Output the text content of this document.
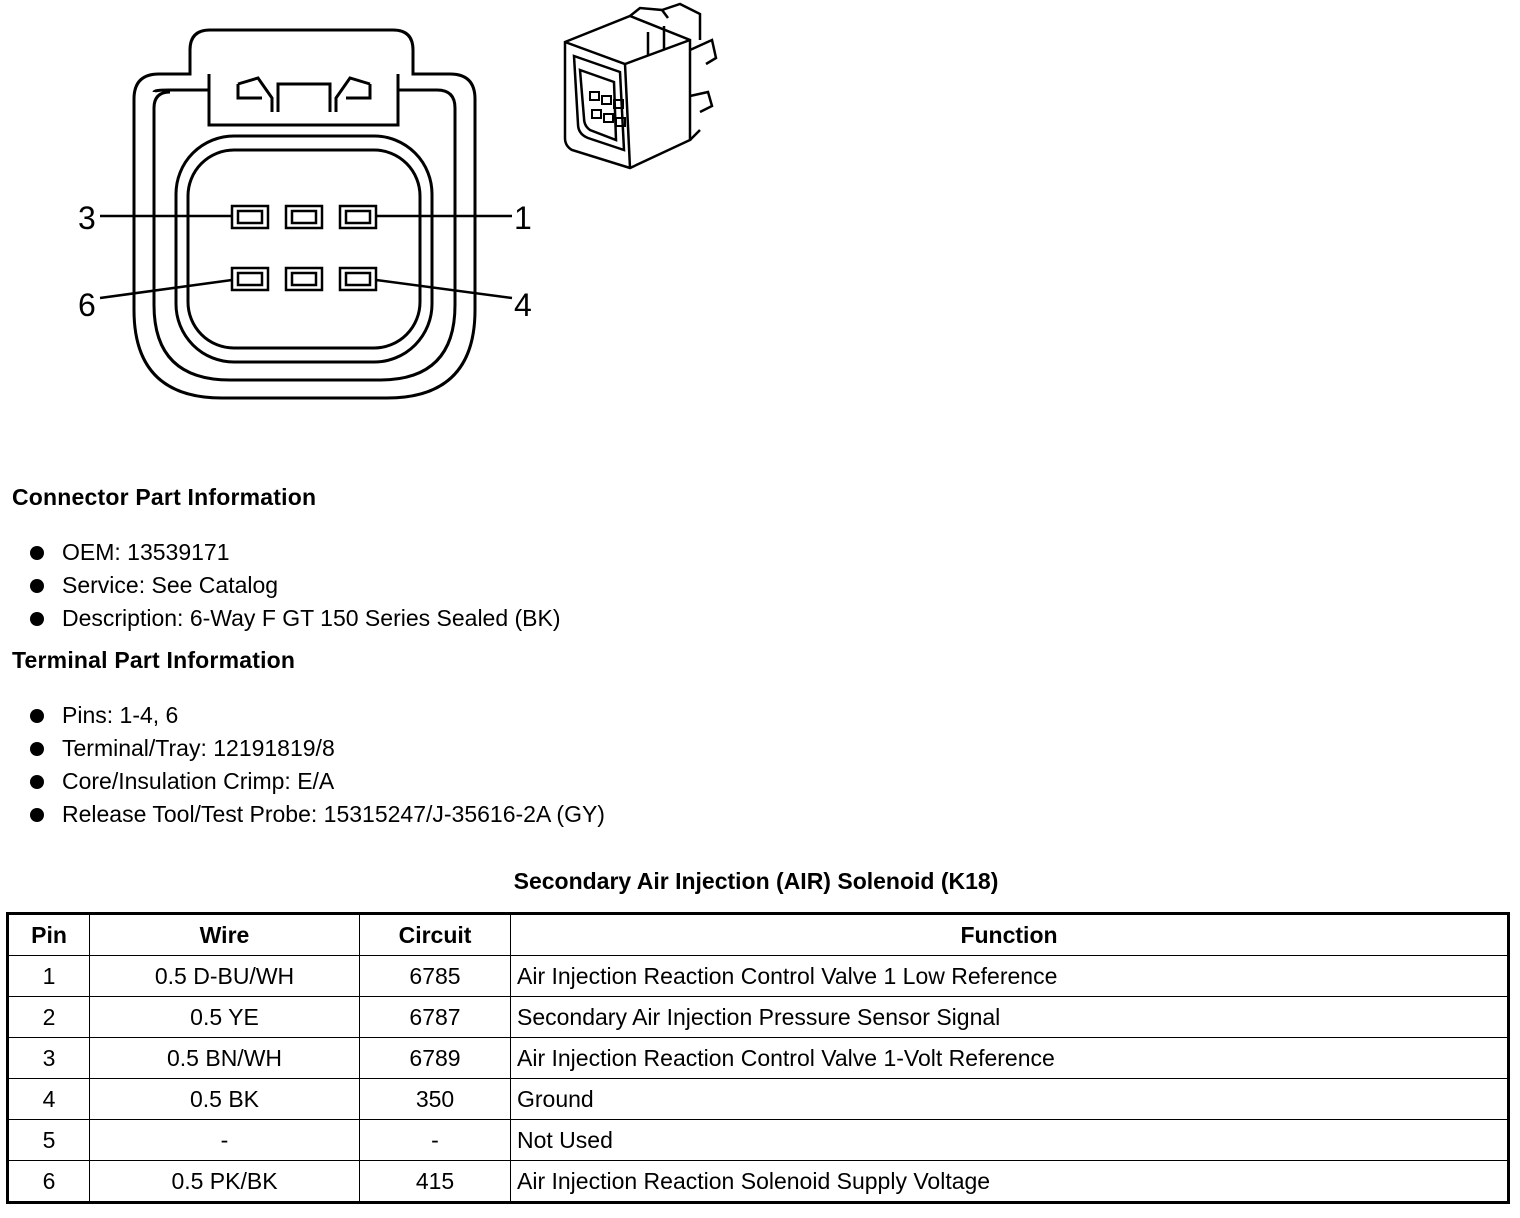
3	1
6	4
Connector Part Information
OEM: 13539171
Service: See Catalog
Description: 6-Way F GT 150 Series Sealed (BK)
Terminal Part Information
Pins: 1-4, 6
Terminal/Tray: 12191819/8
Core/Insulation Crimp: E/A
Release Tool/Test Probe: 15315247/J-35616-2A (GY)
Secondary Air Injection (AIR) Solenoid (K18)
Pin	Wire	Circuit	Function
1	0.5 D-BU/WH	6785	Air Injection Reaction Control Valve 1 Low Reference
2	0.5 YE	6787	Secondary Air Injection Pressure Sensor Signal
3	0.5 BN/WH	6789	Air Injection Reaction Control Valve 1-Volt Reference
4	0.5 BK	350	Ground
5	-	-	Not Used
6	0.5 PK/BK	415	Air Injection Reaction Solenoid Supply Voltage
